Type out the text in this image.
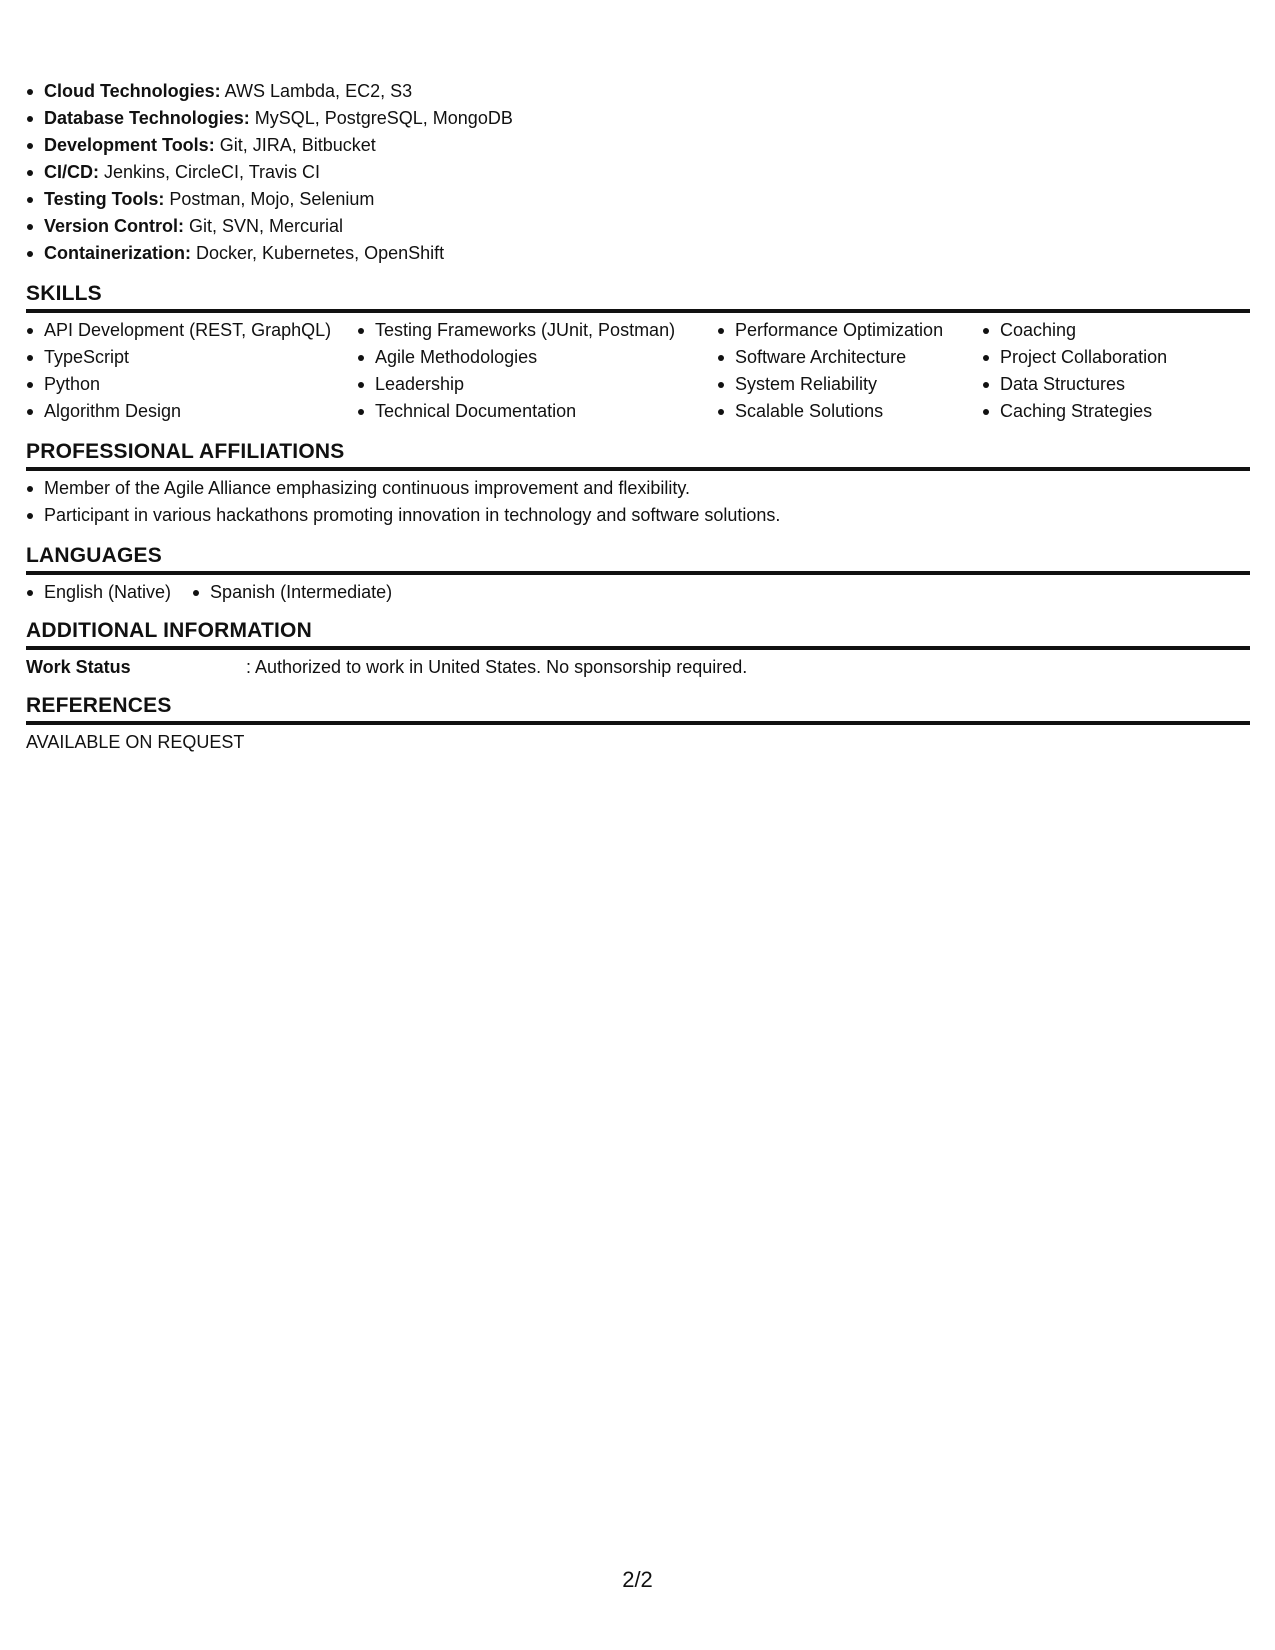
Cloud Technologies: AWS Lambda, EC2, S3
Database Technologies: MySQL, PostgreSQL, MongoDB
Development Tools: Git, JIRA, Bitbucket
CI/CD: Jenkins, CircleCI, Travis CI
Testing Tools: Postman, Mojo, Selenium
Version Control: Git, SVN, Mercurial
Containerization: Docker, Kubernetes, OpenShift
SKILLS
API Development (REST, GraphQL)
TypeScript
Python
Algorithm Design
Testing Frameworks (JUnit, Postman)
Agile Methodologies
Leadership
Technical Documentation
Performance Optimization
Software Architecture
System Reliability
Scalable Solutions
Coaching
Project Collaboration
Data Structures
Caching Strategies
PROFESSIONAL AFFILIATIONS
Member of the Agile Alliance emphasizing continuous improvement and flexibility.
Participant in various hackathons promoting innovation in technology and software solutions.
LANGUAGES
English (Native)	Spanish (Intermediate)
ADDITIONAL INFORMATION
Work Status	: Authorized to work in United States. No sponsorship required.
REFERENCES
AVAILABLE ON REQUEST
2/2
